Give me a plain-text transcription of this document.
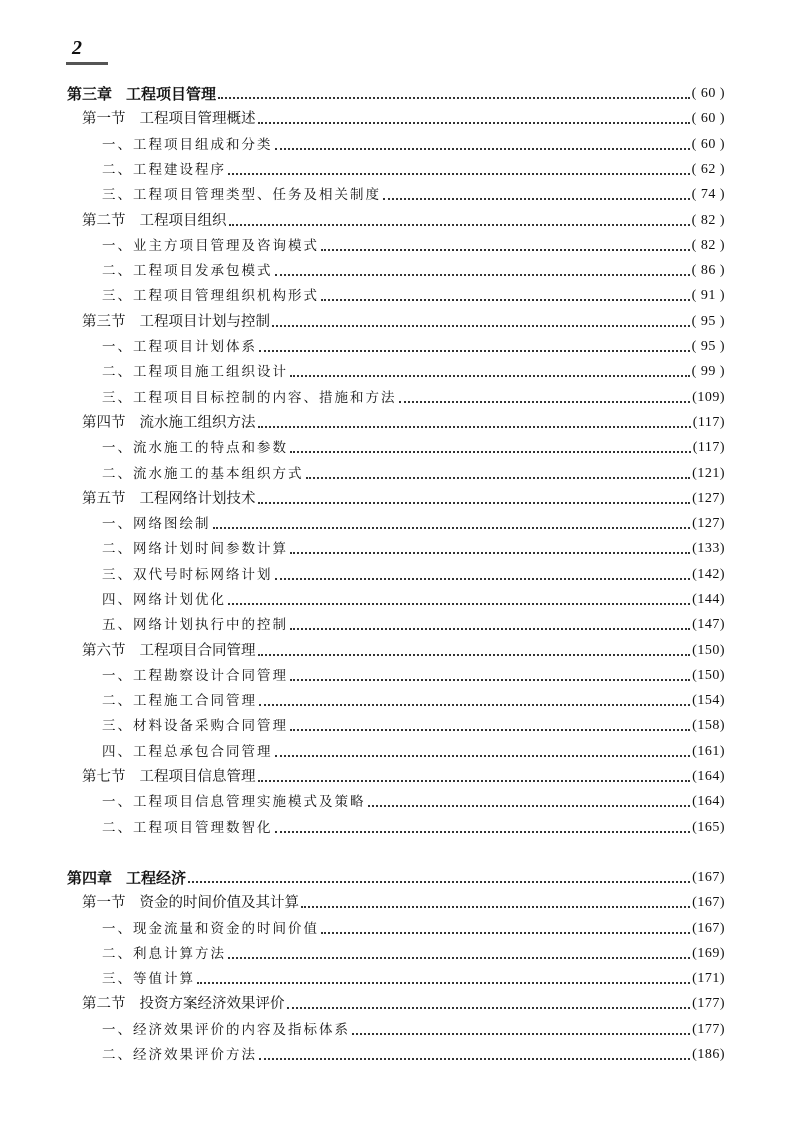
2
第三章 工程项目管理	( 60 )
第一节 工程项目管理概述	( 60 )
一、工程项目组成和分类	( 60 )
二、工程建设程序	( 62 )
三、工程项目管理类型、任务及相关制度	( 74 )
第二节 工程项目组织	( 82 )
一、业主方项目管理及咨询模式	( 82 )
二、工程项目发承包模式	( 86 )
三、工程项目管理组织机构形式	( 91 )
第三节 工程项目计划与控制	( 95 )
一、工程项目计划体系	( 95 )
二、工程项目施工组织设计	( 99 )
三、工程项目目标控制的内容、措施和方法	(109)
第四节 流水施工组织方法	(117)
一、流水施工的特点和参数	(117)
二、流水施工的基本组织方式	(121)
第五节 工程网络计划技术	(127)
一、网络图绘制	(127)
二、网络计划时间参数计算	(133)
三、双代号时标网络计划	(142)
四、网络计划优化	(144)
五、网络计划执行中的控制	(147)
第六节 工程项目合同管理	(150)
一、工程勘察设计合同管理	(150)
二、工程施工合同管理	(154)
三、材料设备采购合同管理	(158)
四、工程总承包合同管理	(161)
第七节 工程项目信息管理	(164)
一、工程项目信息管理实施模式及策略	(164)
二、工程项目管理数智化	(165)
第四章 工程经济	(167)
第一节 资金的时间价值及其计算	(167)
一、现金流量和资金的时间价值	(167)
二、利息计算方法	(169)
三、等值计算	(171)
第二节 投资方案经济效果评价	(177)
一、经济效果评价的内容及指标体系	(177)
二、经济效果评价方法	(186)
